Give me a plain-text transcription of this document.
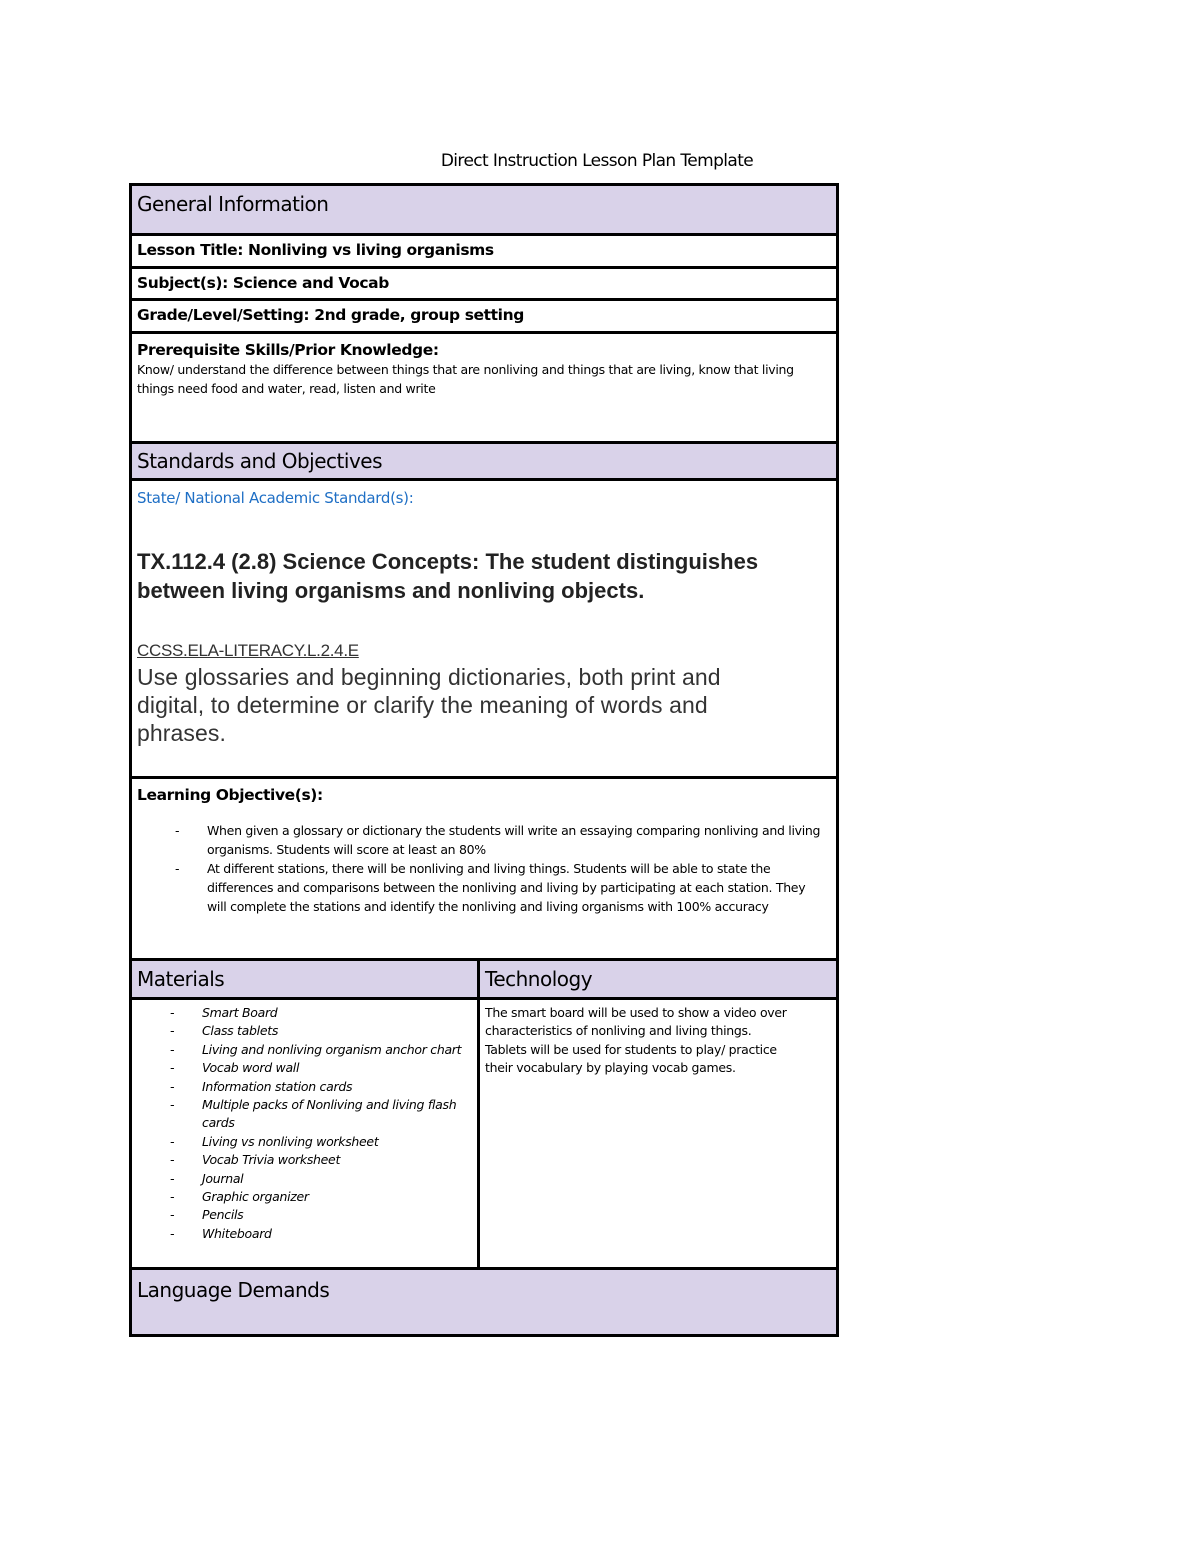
Direct Instruction Lesson Plan Template
General Information
Lesson Title: Nonliving vs living organisms
Subject(s): Science and Vocab
Grade/Level/Setting: 2nd grade, group setting
Prerequisite Skills/Prior Knowledge:
Know/ understand the difference between things that are nonliving and things that are living, know that living
things need food and water, read, listen and write
Standards and Objectives
State/ National Academic Standard(s):
TX.112.4 (2.8) Science Concepts: The student distinguishes
between living organisms and nonliving objects.
CCSS.ELA-LITERACY.L.2.4.E
Use glossaries and beginning dictionaries, both print and
digital, to determine or clarify the meaning of words and
phrases.
Learning Objective(s):
- When given a glossary or dictionary the students will write an essaying comparing nonliving and living
organisms. Students will score at least an 80%
- At different stations, there will be nonliving and living things. Students will be able to state the
differences and comparisons between the nonliving and living by participating at each station. They
will complete the stations and identify the nonliving and living organisms with 100% accuracy
Materials	Technology
- Smart Board
- Class tablets
- Living and nonliving organism anchor chart
- Vocab word wall
- Information station cards
- Multiple packs of Nonliving and living flash cards
- Living vs nonliving worksheet
- Vocab Trivia worksheet
- Journal
- Graphic organizer
- Pencils
- Whiteboard
The smart board will be used to show a video over
characteristics of nonliving and living things.
Tablets will be used for students to play/ practice
their vocabulary by playing vocab games.
Language Demands
